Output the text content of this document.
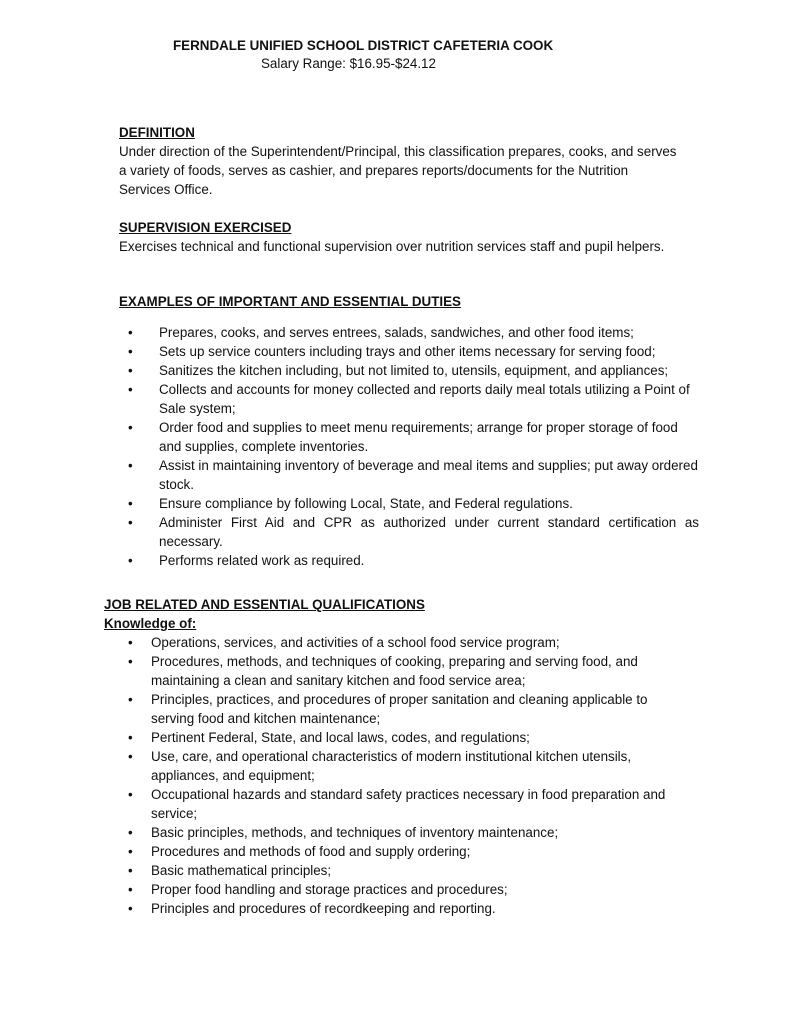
FERNDALE UNIFIED SCHOOL DISTRICT CAFETERIA COOK
Salary Range: $16.95-$24.12

DEFINITION

Under direction of the Superintendent/Principal, this classification prepares, cooks, and serves a variety of foods, serves as cashier, and prepares reports/documents for the Nutrition Services Office.

SUPERVISION EXERCISED

Exercises technical and functional supervision over nutrition services staff and pupil helpers.

EXAMPLES OF IMPORTANT AND ESSENTIAL DUTIES

• Prepares, cooks, and serves entrees, salads, sandwiches, and other food items;
• Sets up service counters including trays and other items necessary for serving food;
• Sanitizes the kitchen including, but not limited to, utensils, equipment, and appliances;
• Collects and accounts for money collected and reports daily meal totals utilizing a Point of Sale system;
• Order food and supplies to meet menu requirements; arrange for proper storage of food and supplies, complete inventories.
• Assist in maintaining inventory of beverage and meal items and supplies; put away ordered stock.
• Ensure compliance by following Local, State, and Federal regulations.
• Administer First Aid and CPR as authorized under current standard certification as necessary.
• Performs related work as required.

JOB RELATED AND ESSENTIAL QUALIFICATIONS

Knowledge of:

• Operations, services, and activities of a school food service program;
• Procedures, methods, and techniques of cooking, preparing and serving food, and maintaining a clean and sanitary kitchen and food service area;
• Principles, practices, and procedures of proper sanitation and cleaning applicable to serving food and kitchen maintenance;
• Pertinent Federal, State, and local laws, codes, and regulations;
• Use, care, and operational characteristics of modern institutional kitchen utensils, appliances, and equipment;
• Occupational hazards and standard safety practices necessary in food preparation and service;
• Basic principles, methods, and techniques of inventory maintenance;
• Procedures and methods of food and supply ordering;
• Basic mathematical principles;
• Proper food handling and storage practices and procedures;
• Principles and procedures of recordkeeping and reporting.
